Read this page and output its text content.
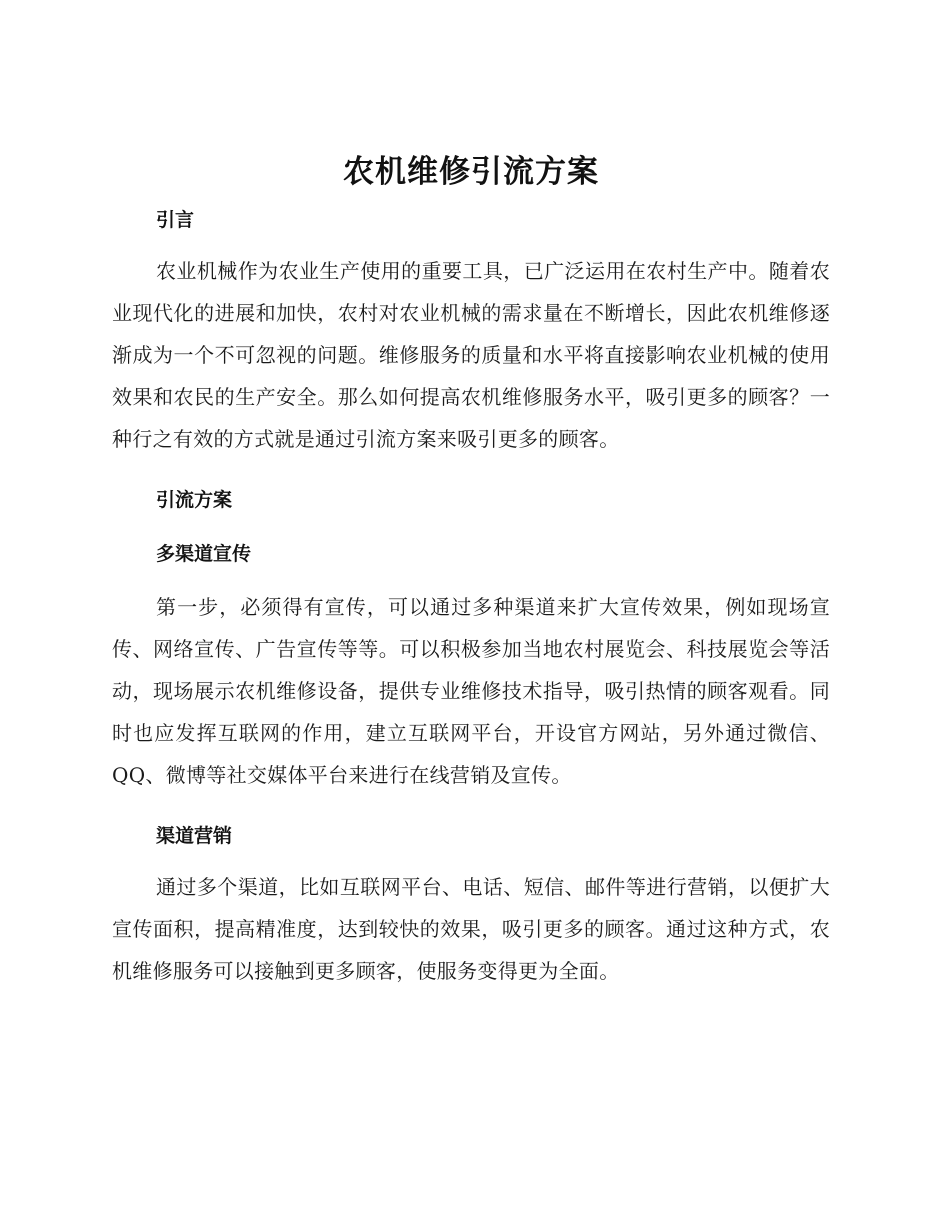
农机维修引流方案
引言

农业机械作为农业生产使用的重要工具，已广泛运用在农村生产中。随着农业现代化的进展和加快，农村对农业机械的需求量在不断增长，因此农机维修逐渐成为一个不可忽视的问题。维修服务的质量和水平将直接影响农业机械的使用效果和农民的生产安全。那么如何提高农机维修服务水平，吸引更多的顾客？一种行之有效的方式就是通过引流方案来吸引更多的顾客。

引流方案
多渠道宣传

第一步，必须得有宣传，可以通过多种渠道来扩大宣传效果，例如现场宣传、网络宣传、广告宣传等等。可以积极参加当地农村展览会、科技展览会等活动，现场展示农机维修设备，提供专业维修技术指导，吸引热情的顾客观看。同时也应发挥互联网的作用，建立互联网平台，开设官方网站，另外通过微信、QQ、微博等社交媒体平台来进行在线营销及宣传。

渠道营销

通过多个渠道，比如互联网平台、电话、短信、邮件等进行营销，以便扩大宣传面积，提高精准度，达到较快的效果，吸引更多的顾客。通过这种方式，农机维修服务可以接触到更多顾客，使服务变得更为全面。
